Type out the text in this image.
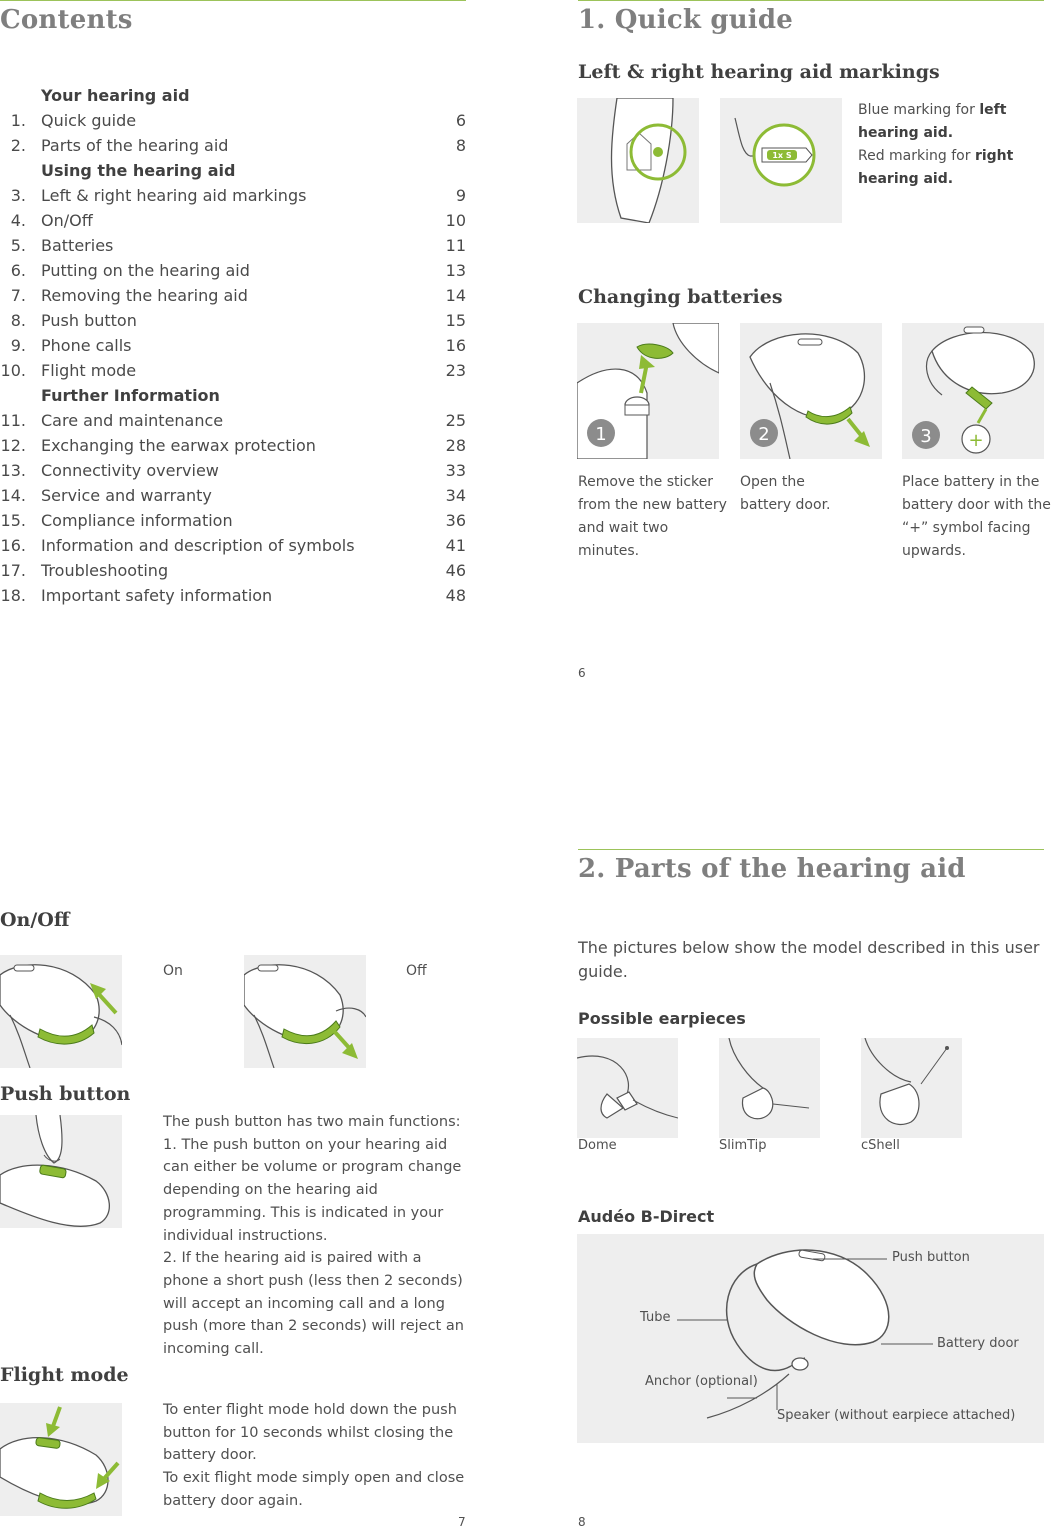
Contents
Your hearing aid
1. Quick guide	6
2. Parts of the hearing aid	8
Using the hearing aid
3. Left & right hearing aid markings	9
4. On/Off	10
5. Batteries	11
6. Putting on the hearing aid	13
7. Removing the hearing aid	14
8. Push button	15
9. Phone calls	16
10. Flight mode	23
Further Information
11. Care and maintenance	25
12. Exchanging the earwax protection	28
13. Connectivity overview	33
14. Service and warranty	34
15. Compliance information	36
16. Information and description of symbols	41
17. Troubleshooting	46
18. Important safety information	48
1. Quick guide
Left & right hearing aid markings
1x S
Blue marking for left hearing aid.
Red marking for right hearing aid.
Changing batteries
1	2	+
3
Remove the sticker from the new battery and wait two minutes.
Open the battery door.
Place battery in the battery door with the “+” symbol facing upwards.
6
On/Off
On	Off
Push button
The push button has two main functions:
1. The push button on your hearing aid
can either be volume or program change
depending on the hearing aid
programming. This is indicated in your
individual instructions.
2. If the hearing aid is paired with a
phone a short push (less then 2 seconds)
will accept an incoming call and a long
push (more than 2 seconds) will reject an
incoming call.
Flight mode
To enter flight mode hold down the push
button for 10 seconds whilst closing the
battery door.
To exit flight mode simply open and close
battery door again.
7
2. Parts of the hearing aid
The pictures below show the model described in this user guide.
Possible earpieces
Dome	SlimTip	cShell
Audéo B-Direct
Push button
Tube
Battery door
Anchor (optional)
Speaker (without earpiece attached)
8
